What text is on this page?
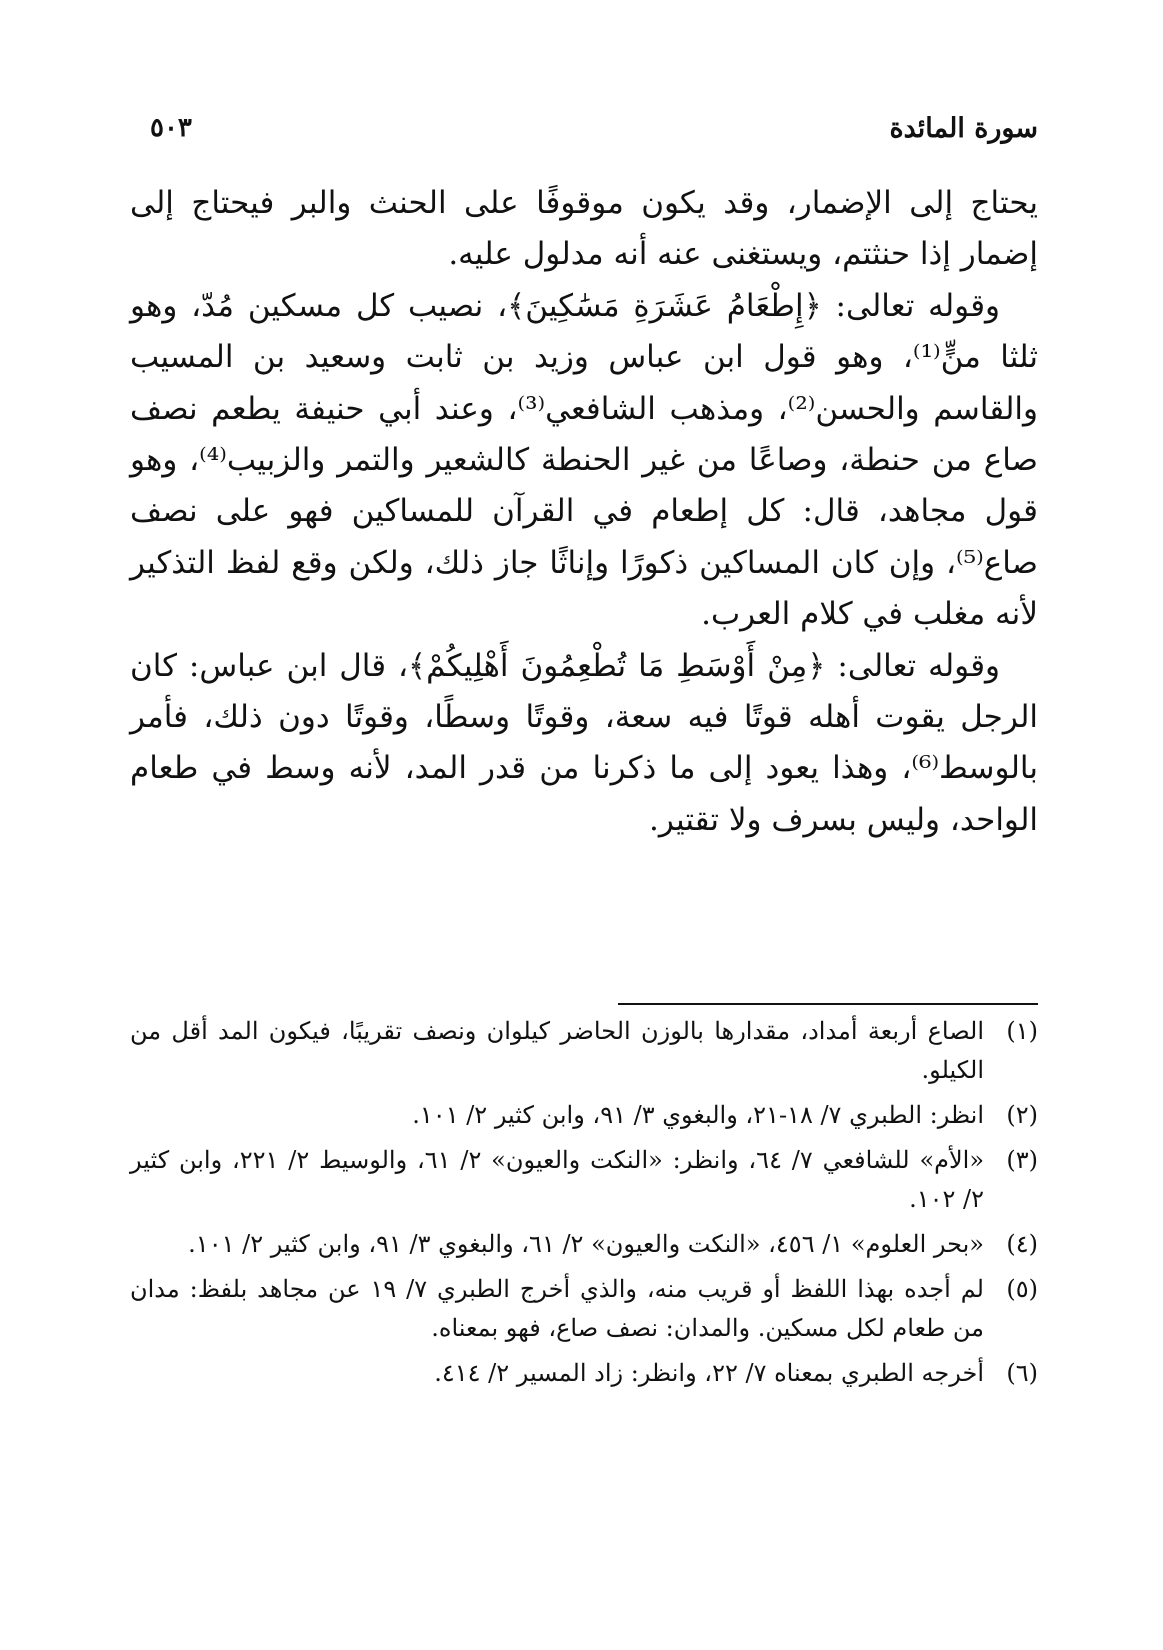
سورة المائدة
٥٠٣

يحتاج إلى الإضمار، وقد يكون موقوفًا على الحنث والبر فيحتاج إلى إضمار إذا حنثتم، ويستغنى عنه أنه مدلول عليه.

وقوله تعالى: ﴿إِطْعَامُ عَشَرَةِ مَسَٰكِينَ﴾، نصيب كل مسكين مُدّ، وهو ثلثا منٍّ⁽¹⁾، وهو قول ابن عباس وزيد بن ثابت وسعيد بن المسيب والقاسم والحسن⁽²⁾، ومذهب الشافعي⁽³⁾، وعند أبي حنيفة يطعم نصف صاع من حنطة، وصاعًا من غير الحنطة كالشعير والتمر والزبيب⁽⁴⁾، وهو قول مجاهد، قال: كل إطعام في القرآن للمساكين فهو على نصف صاع⁽⁵⁾، وإن كان المساكين ذكورًا وإناثًا جاز ذلك، ولكن وقع لفظ التذكير لأنه مغلب في كلام العرب.

وقوله تعالى: ﴿مِنْ أَوْسَطِ مَا تُطْعِمُونَ أَهْلِيكُمْ﴾، قال ابن عباس: كان الرجل يقوت أهله قوتًا فيه سعة، وقوتًا وسطًا، وقوتًا دون ذلك، فأمر بالوسط⁽⁶⁾، وهذا يعود إلى ما ذكرنا من قدر المد، لأنه وسط في طعام الواحد، وليس بسرف ولا تقتير.

(١)
الصاع أربعة أمداد، مقدارها بالوزن الحاضر كيلوان ونصف تقريبًا، فيكون المد أقل من الكيلو.
(٢)
انظر: الطبري ٧/ ١٨-٢١، والبغوي ٣/ ٩١، وابن كثير ٢/ ١٠١.
(٣)
«الأم» للشافعي ٧/ ٦٤، وانظر: «النكت والعيون» ٢/ ٦١، والوسيط ٢/ ٢٢١، وابن كثير ٢/ ١٠٢.
(٤)
«بحر العلوم» ١/ ٤٥٦، «النكت والعيون» ٢/ ٦١، والبغوي ٣/ ٩١، وابن كثير ٢/ ١٠١.
(٥)
لم أجده بهذا اللفظ أو قريب منه، والذي أخرج الطبري ٧/ ١٩ عن مجاهد بلفظ: مدان من طعام لكل مسكين. والمدان: نصف صاع، فهو بمعناه.
(٦)
أخرجه الطبري بمعناه ٧/ ٢٢، وانظر: زاد المسير ٢/ ٤١٤.
